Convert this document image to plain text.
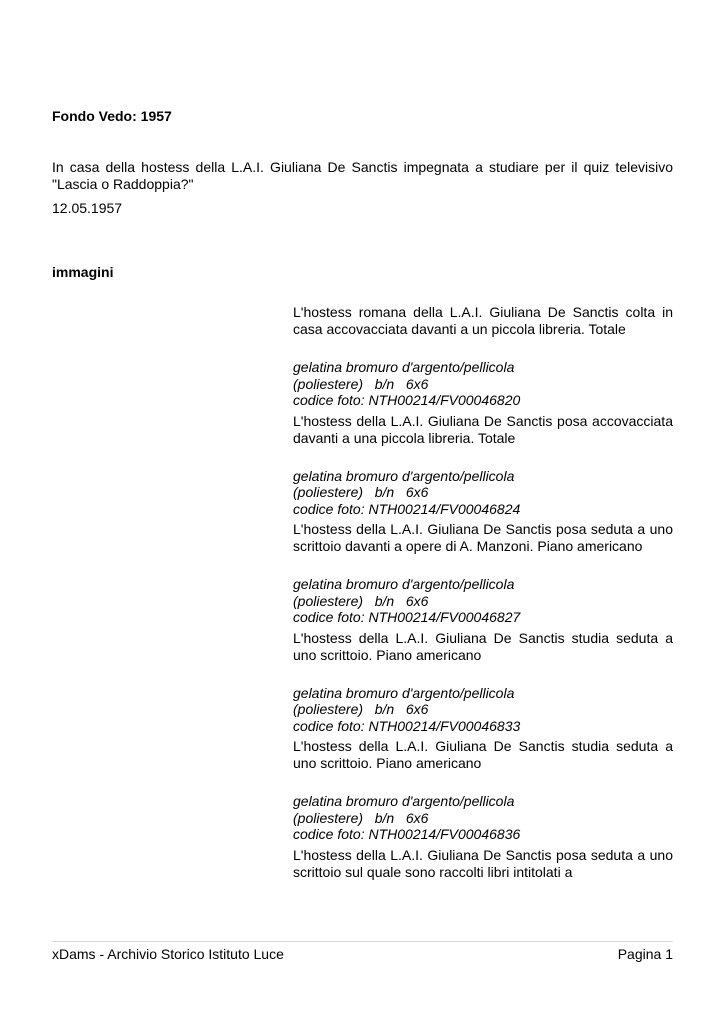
Fondo Vedo: 1957
In casa della hostess della L.A.I. Giuliana De Sanctis impegnata a studiare per il quiz televisivo "Lascia o Raddoppia?"
12.05.1957
immagini
L'hostess romana della L.A.I. Giuliana De Sanctis colta in casa accovacciata davanti a un piccola libreria. Totale
gelatina bromuro d'argento/pellicola
(poliestere)   b/n   6x6
codice foto: NTH00214/FV00046820
L'hostess della L.A.I. Giuliana De Sanctis posa accovacciata davanti a una piccola libreria. Totale
gelatina bromuro d'argento/pellicola
(poliestere)   b/n   6x6
codice foto: NTH00214/FV00046824
L'hostess della L.A.I. Giuliana De Sanctis posa seduta a uno scrittoio davanti a opere di A. Manzoni. Piano americano
gelatina bromuro d'argento/pellicola
(poliestere)   b/n   6x6
codice foto: NTH00214/FV00046827
L'hostess della L.A.I. Giuliana De Sanctis studia seduta a uno scrittoio. Piano americano
gelatina bromuro d'argento/pellicola
(poliestere)   b/n   6x6
codice foto: NTH00214/FV00046833
L'hostess della L.A.I. Giuliana De Sanctis studia seduta a uno scrittoio. Piano americano
gelatina bromuro d'argento/pellicola
(poliestere)   b/n   6x6
codice foto: NTH00214/FV00046836
L'hostess della L.A.I. Giuliana De Sanctis posa seduta a uno scrittoio sul quale sono raccolti libri intitolati a
xDams - Archivio Storico Istituto Luce	Pagina 1
